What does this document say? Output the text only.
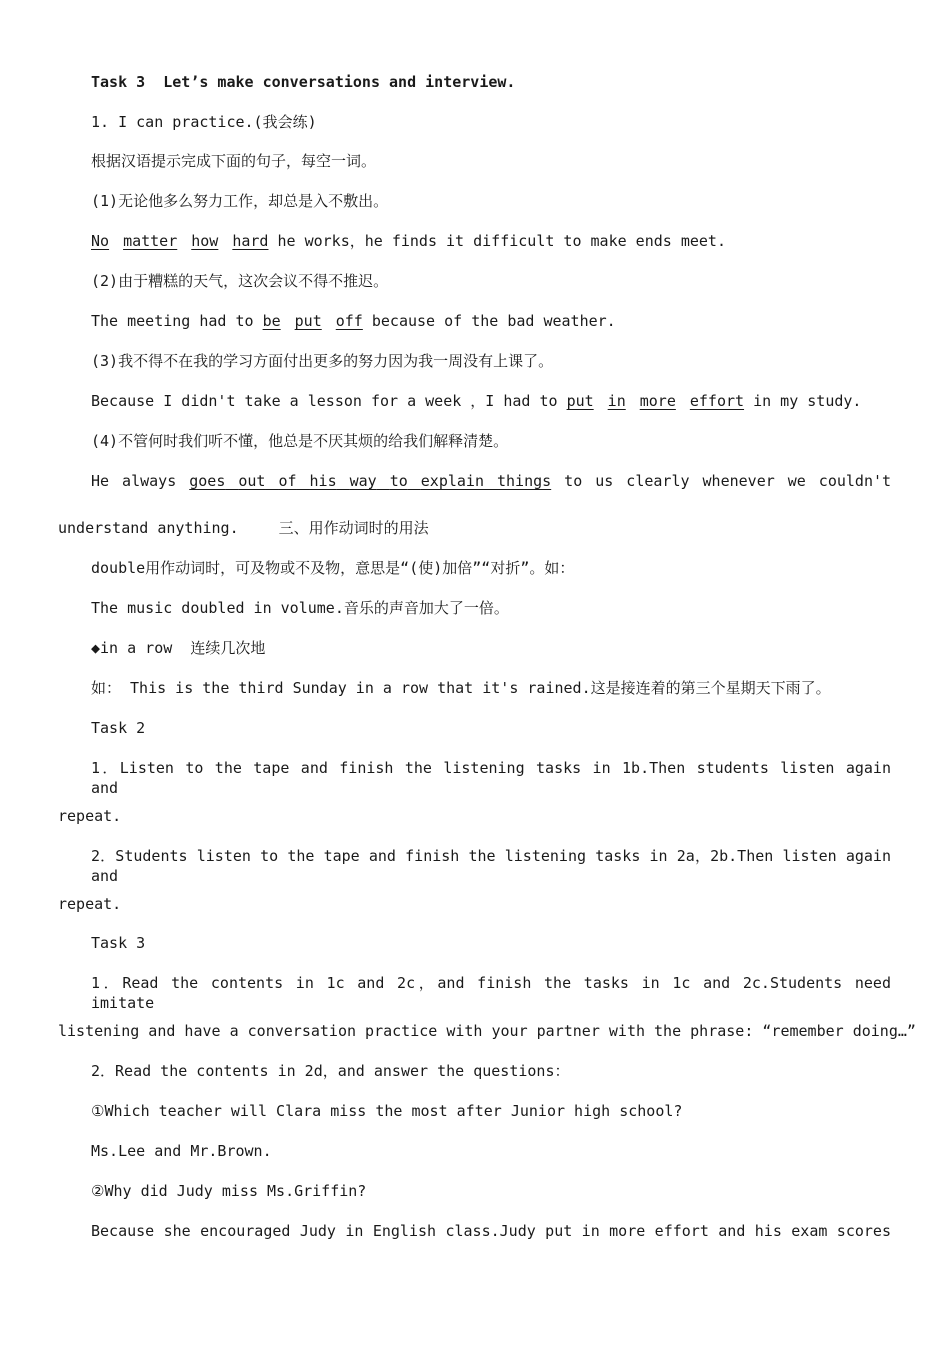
Task 3  Let’s make conversations and interview.
1. I can practice.(我会练)
根据汉语提示完成下面的句子，每空一词。
(1)无论他多么努力工作，却总是入不敷出。
No matter how hard he works，he finds it difficult to make ends meet.
(2)由于糟糕的天气，这次会议不得不推迟。
The meeting had to be put off because of the bad weather.
(3)我不得不在我的学习方面付出更多的努力因为我一周没有上课了。
Because I didn't take a lesson for a week ，I had to put in more effort in my study.
(4)不管何时我们听不懂，他总是不厌其烦的给我们解释清楚。
He always goes out of his way to explain things to us clearly whenever we couldn't
understand anything.	三、用作动词时的用法
double用作动词时，可及物或不及物，意思是“(使)加倍”“对折”。如：
The music doubled in volume.音乐的声音加大了一倍。
◆in a row  连续几次地
如： This is the third Sunday in a row that it's rained.这是接连着的第三个星期天下雨了。
Task 2
1．Listen to the tape and finish the listening tasks in 1b.Then students listen again and
repeat.
2．Students listen to the tape and finish the listening tasks in 2a，2b.Then listen again and
repeat.
Task 3
1．Read the contents in 1c and 2c，and finish the tasks in 1c and 2c.Students need imitate
listening and have a conversation practice with your partner with the phrase: “remember doing…”
2．Read the contents in 2d，and answer the questions：
①Which teacher will Clara miss the most after Junior high school?
Ms.Lee and Mr.Brown.
②Why did Judy miss Ms.Griffin?
Because she encouraged Judy in English class.Judy put in more effort and his exam scores
